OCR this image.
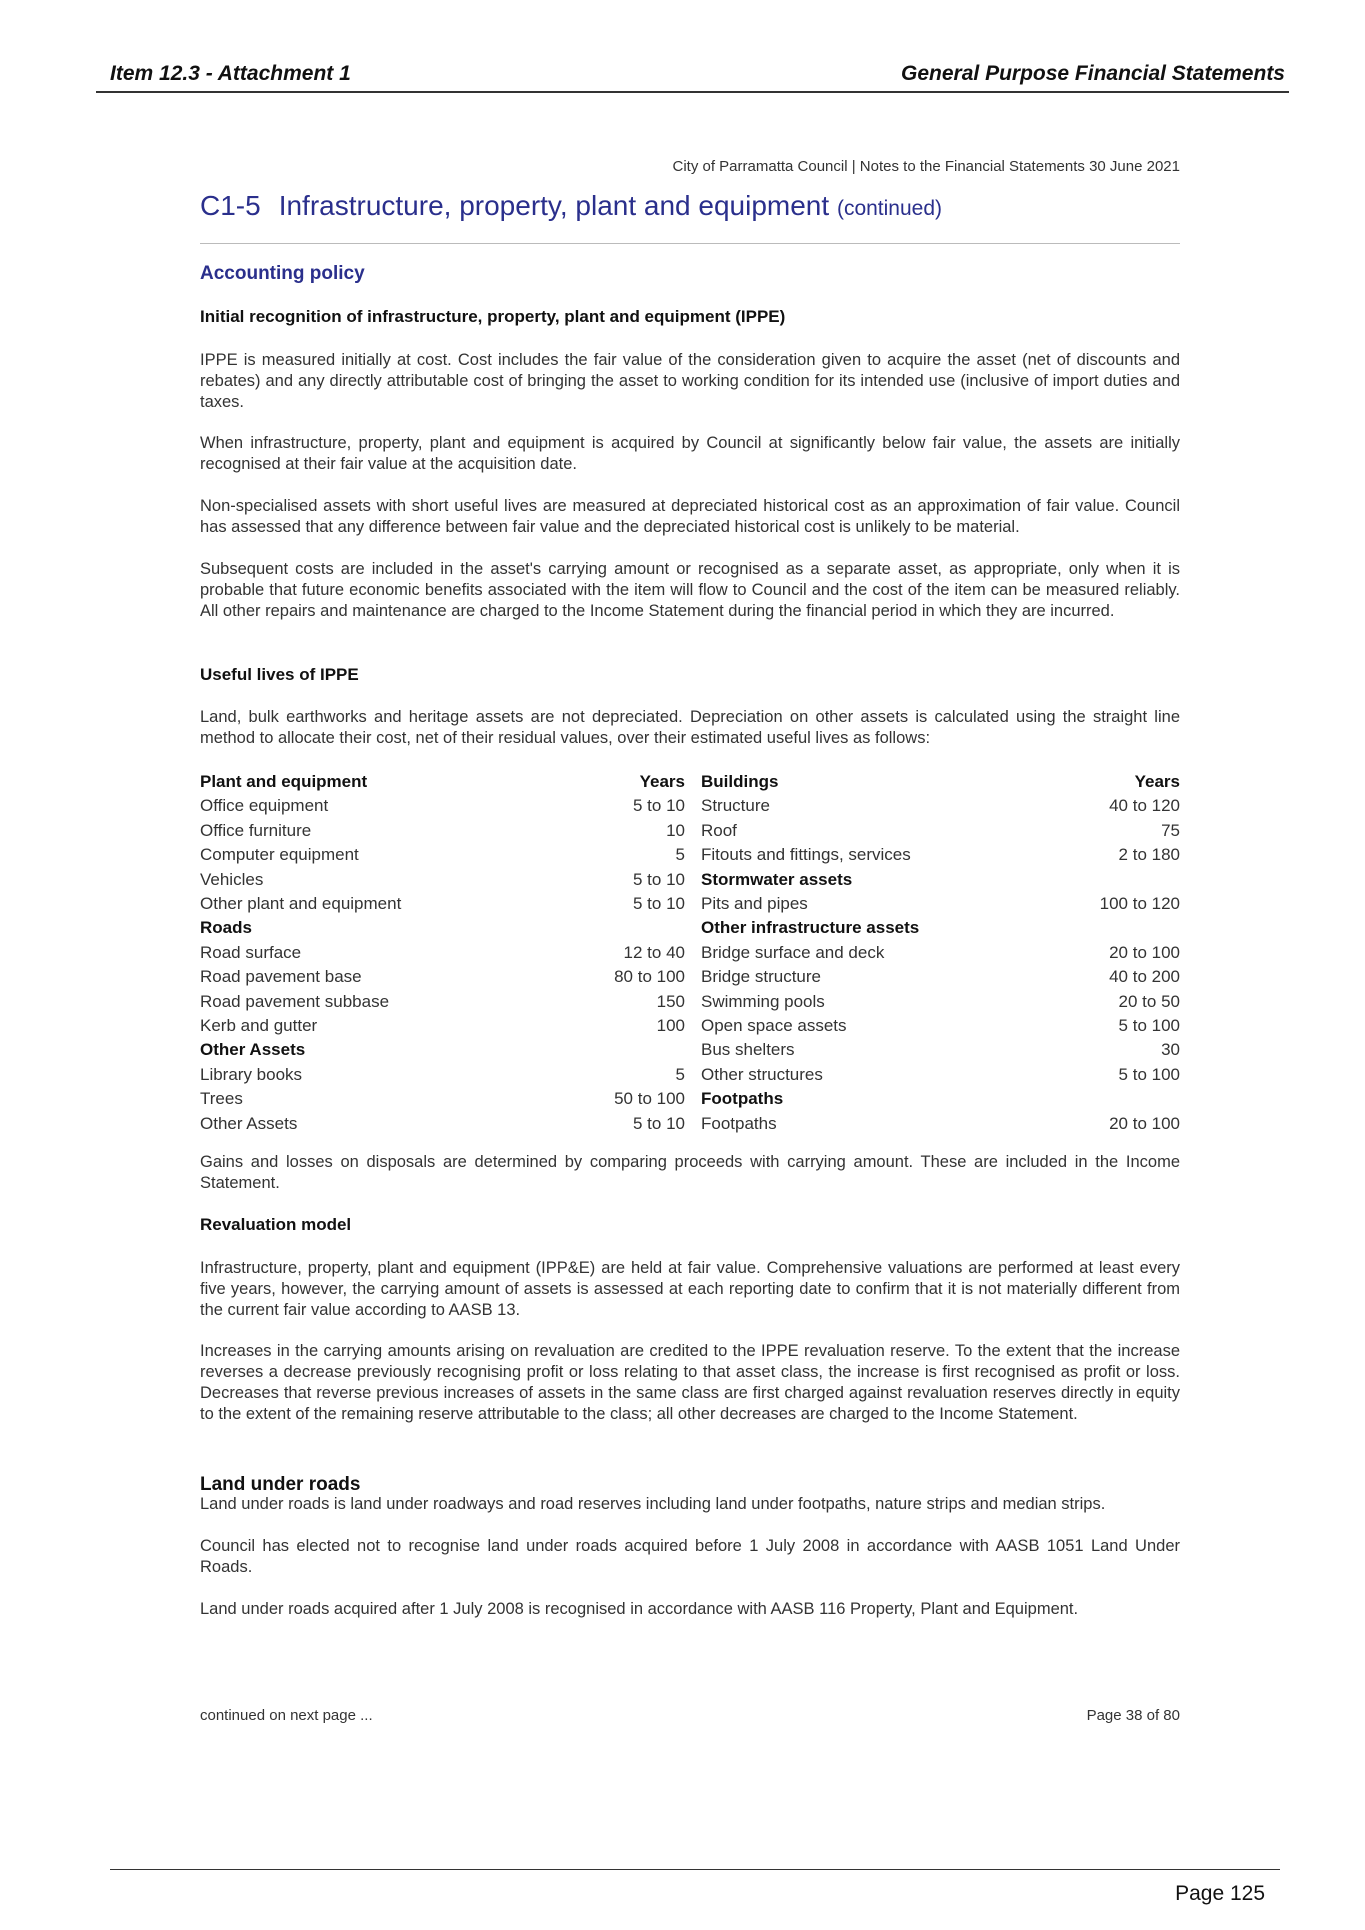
Item 12.3 - Attachment 1	General Purpose Financial Statements
City of Parramatta Council | Notes to the Financial Statements 30 June 2021
C1-5 Infrastructure, property, plant and equipment (continued)
Accounting policy
Initial recognition of infrastructure, property, plant and equipment (IPPE)
IPPE is measured initially at cost. Cost includes the fair value of the consideration given to acquire the asset (net of discounts and rebates) and any directly attributable cost of bringing the asset to working condition for its intended use (inclusive of import duties and taxes.
When infrastructure, property, plant and equipment is acquired by Council at significantly below fair value, the assets are initially recognised at their fair value at the acquisition date.
Non-specialised assets with short useful lives are measured at depreciated historical cost as an approximation of fair value. Council has assessed that any difference between fair value and the depreciated historical cost is unlikely to be material.
Subsequent costs are included in the asset's carrying amount or recognised as a separate asset, as appropriate, only when it is probable that future economic benefits associated with the item will flow to Council and the cost of the item can be measured reliably. All other repairs and maintenance are charged to the Income Statement during the financial period in which they are incurred.
Useful lives of IPPE
Land, bulk earthworks and heritage assets are not depreciated. Depreciation on other assets is calculated using the straight line method to allocate their cost, net of their residual values, over their estimated useful lives as follows:
Plant and equipment	Years	Buildings	Years
Office equipment	5 to 10	Structure	40 to 120
Office furniture	10	Roof	75
Computer equipment	5	Fitouts and fittings, services	2 to 180
Vehicles	5 to 10	Stormwater assets	
Other plant and equipment	5 to 10	Pits and pipes	100 to 120
Roads		Other infrastructure assets	
Road surface	12 to 40	Bridge surface and deck	20 to 100
Road pavement base	80 to 100	Bridge structure	40 to 200
Road pavement subbase	150	Swimming pools	20 to 50
Kerb and gutter	100	Open space assets	5 to 100
Other Assets		Bus shelters	30
Library books	5	Other structures	5 to 100
Trees	50 to 100	Footpaths	
Other Assets	5 to 10	Footpaths	20 to 100
Gains and losses on disposals are determined by comparing proceeds with carrying amount. These are included in the Income Statement.
Revaluation model
Infrastructure, property, plant and equipment (IPP&E) are held at fair value. Comprehensive valuations are performed at least every five years, however, the carrying amount of assets is assessed at each reporting date to confirm that it is not materially different from the current fair value according to AASB 13.
Increases in the carrying amounts arising on revaluation are credited to the IPPE revaluation reserve. To the extent that the increase reverses a decrease previously recognising profit or loss relating to that asset class, the increase is first recognised as profit or loss. Decreases that reverse previous increases of assets in the same class are first charged against revaluation reserves directly in equity to the extent of the remaining reserve attributable to the class; all other decreases are charged to the Income Statement.
Land under roads
Land under roads is land under roadways and road reserves including land under footpaths, nature strips and median strips.
Council has elected not to recognise land under roads acquired before 1 July 2008 in accordance with AASB 1051 Land Under Roads.
Land under roads acquired after 1 July 2008 is recognised in accordance with AASB 116 Property, Plant and Equipment.
continued on next page ...	Page 38 of 80
Page 125
